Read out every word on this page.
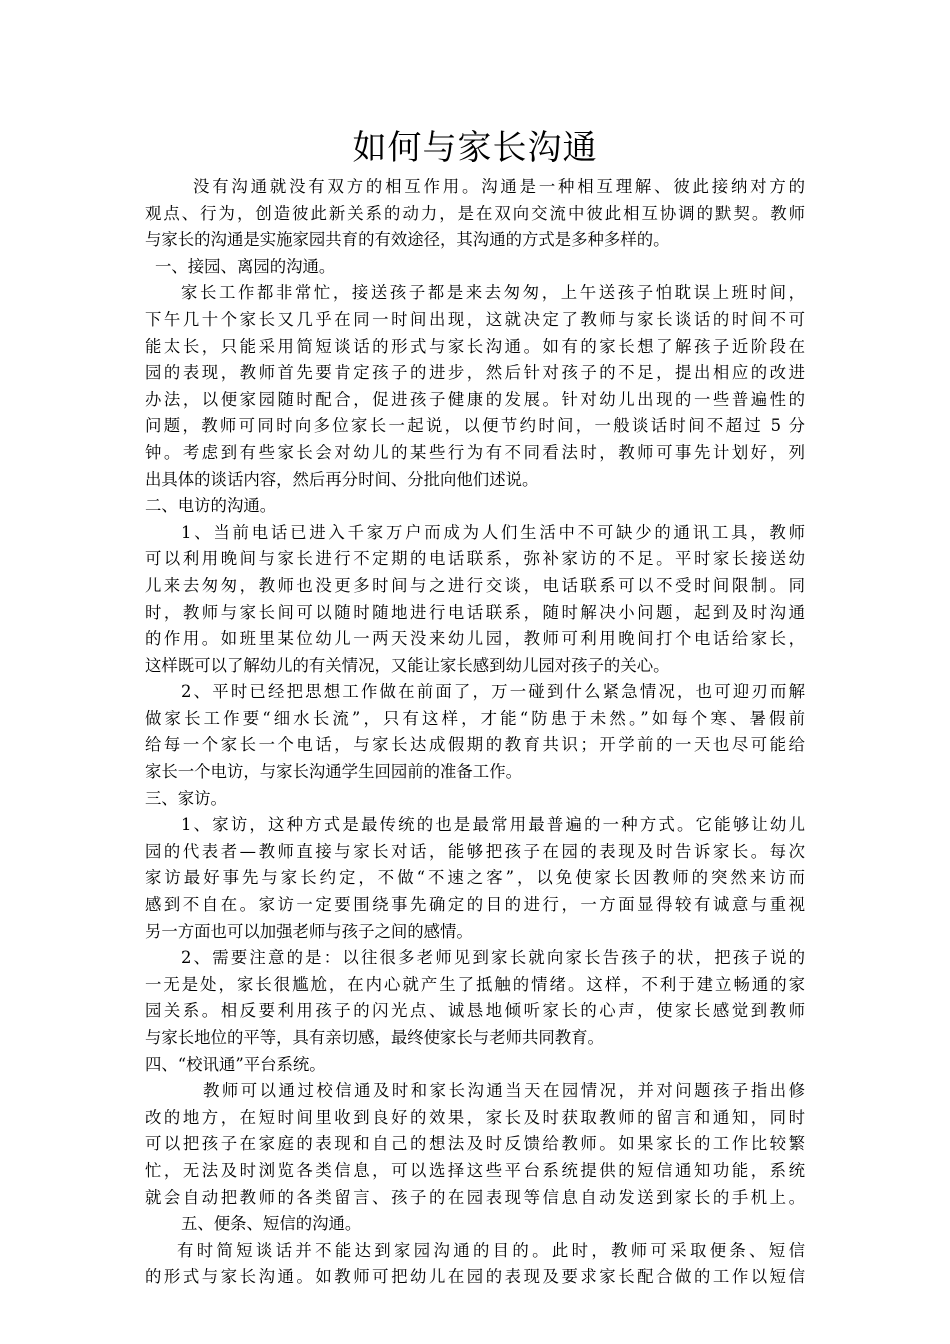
如何与家长沟通
没有沟通就没有双方的相互作用。沟通是一种相互理解、彼此接纳对方的
观点、行为，创造彼此新关系的动力，是在双向交流中彼此相互协调的默契。教师
与家长的沟通是实施家园共育的有效途径，其沟通的方式是多种多样的。
一、接园、离园的沟通。
家长工作都非常忙，接送孩子都是来去匆匆，上午送孩子怕耽误上班时间，
下午几十个家长又几乎在同一时间出现，这就决定了教师与家长谈话的时间不可
能太长，只能采用简短谈话的形式与家长沟通。如有的家长想了解孩子近阶段在
园的表现，教师首先要肯定孩子的进步，然后针对孩子的不足，提出相应的改进
办法，以便家园随时配合，促进孩子健康的发展。针对幼儿出现的一些普遍性的
问题，教师可同时向多位家长一起说，以便节约时间，一般谈话时间不超过 5 分
钟。考虑到有些家长会对幼儿的某些行为有不同看法时，教师可事先计划好，列
出具体的谈话内容，然后再分时间、分批向他们述说。
二、电访的沟通。
1、当前电话已进入千家万户而成为人们生活中不可缺少的通讯工具，教师
可以利用晚间与家长进行不定期的电话联系，弥补家访的不足。平时家长接送幼
儿来去匆匆，教师也没更多时间与之进行交谈，电话联系可以不受时间限制。同
时，教师与家长间可以随时随地进行电话联系，随时解决小问题，起到及时沟通
的作用。如班里某位幼儿一两天没来幼儿园，教师可利用晚间打个电话给家长，
这样既可以了解幼儿的有关情况，又能让家长感到幼儿园对孩子的关心。
2、平时已经把思想工作做在前面了，万一碰到什么紧急情况，也可迎刃而解
做家长工作要“细水长流”，只有这样，才能“防患于未然。”如每个寒、暑假前
给每一个家长一个电话，与家长达成假期的教育共识；开学前的一天也尽可能给
家长一个电访，与家长沟通学生回园前的准备工作。
三、家访。
1、家访，这种方式是最传统的也是最常用最普遍的一种方式。它能够让幼儿
园的代表者—教师直接与家长对话，能够把孩子在园的表现及时告诉家长。每次
家访最好事先与家长约定，不做“不速之客”，以免使家长因教师的突然来访而
感到不自在。家访一定要围绕事先确定的目的进行，一方面显得较有诚意与重视
另一方面也可以加强老师与孩子之间的感情。
2、需要注意的是：以往很多老师见到家长就向家长告孩子的状，把孩子说的
一无是处，家长很尴尬，在内心就产生了抵触的情绪。这样，不利于建立畅通的家
园关系。相反要利用孩子的闪光点、诚恳地倾听家长的心声，使家长感觉到教师
与家长地位的平等，具有亲切感，最终使家长与老师共同教育。
四、“校讯通”平台系统。
教师可以通过校信通及时和家长沟通当天在园情况，并对问题孩子指出修
改的地方，在短时间里收到良好的效果，家长及时获取教师的留言和通知，同时
可以把孩子在家庭的表现和自己的想法及时反馈给教师。如果家长的工作比较繁
忙，无法及时浏览各类信息，可以选择这些平台系统提供的短信通知功能，系统
就会自动把教师的各类留言、孩子的在园表现等信息自动发送到家长的手机上。
五、便条、短信的沟通。
有时简短谈话并不能达到家园沟通的目的。此时，教师可采取便条、短信
的形式与家长沟通。如教师可把幼儿在园的表现及要求家长配合做的工作以短信
